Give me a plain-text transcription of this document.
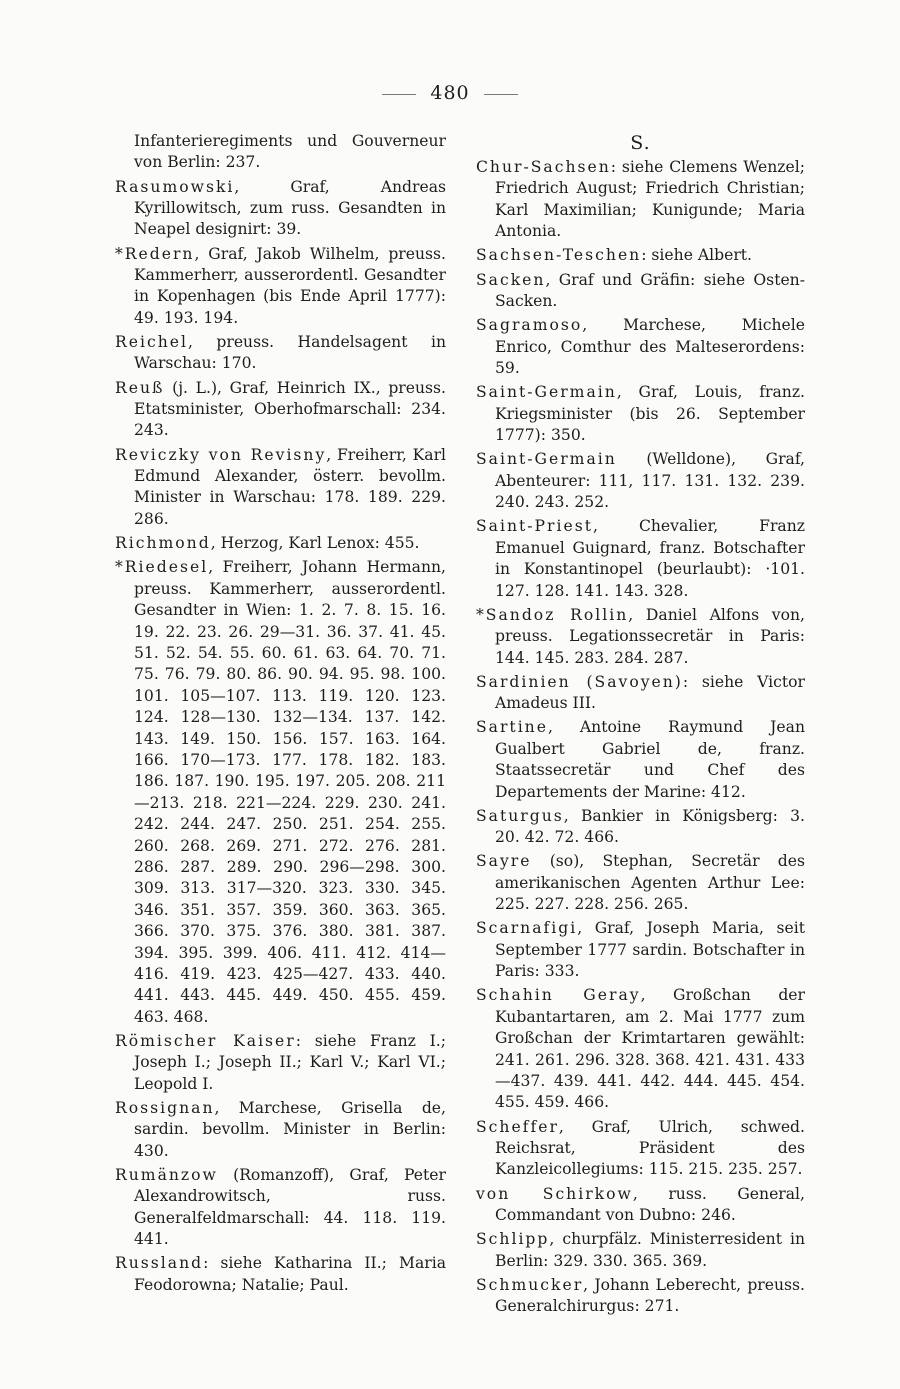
480
Infanterieregiments und Gouverneur von Berlin: 237.
Rasumowski, Graf, Andreas Kyrillowitsch, zum russ. Gesandten in Neapel designirt: 39.
*Redern, Graf, Jakob Wilhelm, preuss. Kammerherr, ausserordentl. Gesandter in Kopenhagen (bis Ende April 1777): 49. 193. 194.
Reichel, preuss. Handelsagent in Warschau: 170.
Reuß (j. L.), Graf, Heinrich IX., preuss. Etatsminister, Oberhofmarschall: 234. 243.
Reviczky von Revisny, Freiherr, Karl Edmund Alexander, österr. bevollm. Minister in Warschau: 178. 189. 229. 286.
Richmond, Herzog, Karl Lenox: 455.
*Riedesel, Freiherr, Johann Hermann, preuss. Kammerherr, ausserordentl. Gesandter in Wien: 1. 2. 7. 8. 15. 16. 19. 22. 23. 26. 29—31. 36. 37. 41. 45. 51. 52. 54. 55. 60. 61. 63. 64. 70. 71. 75. 76. 79. 80. 86. 90. 94. 95. 98. 100. 101. 105—107. 113. 119. 120. 123. 124. 128—130. 132—134. 137. 142. 143. 149. 150. 156. 157. 163. 164. 166. 170—173. 177. 178. 182. 183. 186. 187. 190. 195. 197. 205. 208. 211—213. 218. 221—224. 229. 230. 241. 242. 244. 247. 250. 251. 254. 255. 260. 268. 269. 271. 272. 276. 281. 286. 287. 289. 290. 296—298. 300. 309. 313. 317—320. 323. 330. 345. 346. 351. 357. 359. 360. 363. 365. 366. 370. 375. 376. 380. 381. 387. 394. 395. 399. 406. 411. 412. 414—416. 419. 423. 425—427. 433. 440. 441. 443. 445. 449. 450. 455. 459. 463. 468.
Römischer Kaiser: siehe Franz I.; Joseph I.; Joseph II.; Karl V.; Karl VI.; Leopold I.
Rossignan, Marchese, Grisella de, sardin. bevollm. Minister in Berlin: 430.
Rumänzow (Romanzoff), Graf, Peter Alexandrowitsch, russ. Generalfeldmarschall: 44. 118. 119. 441.
Russland: siehe Katharina II.; Maria Feodorowna; Natalie; Paul.
S.
Chur-Sachsen: siehe Clemens Wenzel; Friedrich August; Friedrich Christian; Karl Maximilian; Kunigunde; Maria Antonia.
Sachsen-Teschen: siehe Albert.
Sacken, Graf und Gräfin: siehe Osten-Sacken.
Sagramoso, Marchese, Michele Enrico, Comthur des Malteserordens: 59.
Saint-Germain, Graf, Louis, franz. Kriegsminister (bis 26. September 1777): 350.
Saint-Germain (Welldone), Graf, Abenteurer: 111, 117. 131. 132. 239. 240. 243. 252.
Saint-Priest, Chevalier, Franz Emanuel Guignard, franz. Botschafter in Konstantinopel (beurlaubt): ·101. 127. 128. 141. 143. 328.
*Sandoz Rollin, Daniel Alfons von, preuss. Legationssecretär in Paris: 144. 145. 283. 284. 287.
Sardinien (Savoyen): siehe Victor Amadeus III.
Sartine, Antoine Raymund Jean Gualbert Gabriel de, franz. Staatssecretär und Chef des Departements der Marine: 412.
Saturgus, Bankier in Königsberg: 3. 20. 42. 72. 466.
Sayre (so), Stephan, Secretär des amerikanischen Agenten Arthur Lee: 225. 227. 228. 256. 265.
Scarnafigi, Graf, Joseph Maria, seit September 1777 sardin. Botschafter in Paris: 333.
Schahin Geray, Großchan der Kubantartaren, am 2. Mai 1777 zum Großchan der Krimtartaren gewählt: 241. 261. 296. 328. 368. 421. 431. 433—437. 439. 441. 442. 444. 445. 454. 455. 459. 466.
Scheffer, Graf, Ulrich, schwed. Reichsrat, Präsident des Kanzleicollegiums: 115. 215. 235. 257.
von Schirkow, russ. General, Commandant von Dubno: 246.
Schlipp, churpfälz. Ministerresident in Berlin: 329. 330. 365. 369.
Schmucker, Johann Leberecht, preuss. Generalchirurgus: 271.
